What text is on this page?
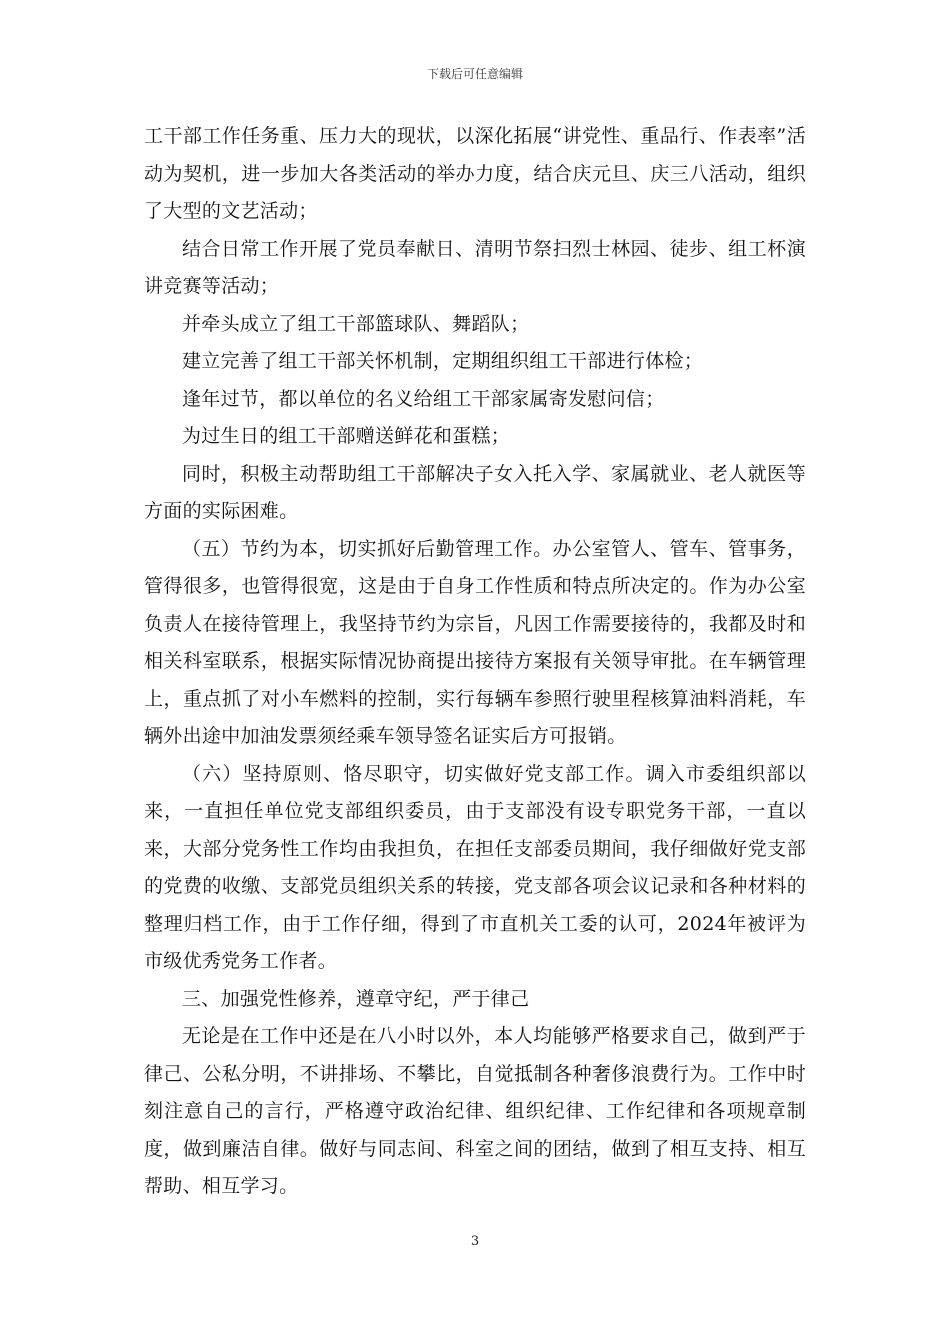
下载后可任意编辑

工干部工作任务重、压力大的现状，以深化拓展“讲党性、重品行、作表率”活动为契机，进一步加大各类活动的举办力度，结合庆元旦、庆三八活动，组织了大型的文艺活动；

结合日常工作开展了党员奉献日、清明节祭扫烈士林园、徒步、组工杯演讲竞赛等活动；

并牵头成立了组工干部篮球队、舞蹈队；

建立完善了组工干部关怀机制，定期组织组工干部进行体检；

逢年过节，都以单位的名义给组工干部家属寄发慰问信；

为过生日的组工干部赠送鲜花和蛋糕；

同时，积极主动帮助组工干部解决子女入托入学、家属就业、老人就医等方面的实际困难。

（五）节约为本，切实抓好后勤管理工作。办公室管人、管车、管事务，管得很多，也管得很宽，这是由于自身工作性质和特点所决定的。作为办公室负责人在接待管理上，我坚持节约为宗旨，凡因工作需要接待的，我都及时和相关科室联系，根据实际情况协商提出接待方案报有关领导审批。在车辆管理上，重点抓了对小车燃料的控制，实行每辆车参照行驶里程核算油料消耗，车辆外出途中加油发票须经乘车领导签名证实后方可报销。

（六）坚持原则、恪尽职守，切实做好党支部工作。调入市委组织部以来，一直担任单位党支部组织委员，由于支部没有设专职党务干部，一直以来，大部分党务性工作均由我担负，在担任支部委员期间，我仔细做好党支部的党费的收缴、支部党员组织关系的转接，党支部各项会议记录和各种材料的整理归档工作，由于工作仔细，得到了市直机关工委的认可，2024年被评为市级优秀党务工作者。

三、加强党性修养，遵章守纪，严于律己

无论是在工作中还是在八小时以外，本人均能够严格要求自己，做到严于律己、公私分明，不讲排场、不攀比，自觉抵制各种奢侈浪费行为。工作中时刻注意自己的言行，严格遵守政治纪律、组织纪律、工作纪律和各项规章制度，做到廉洁自律。做好与同志间、科室之间的团结，做到了相互支持、相互帮助、相互学习。

3
